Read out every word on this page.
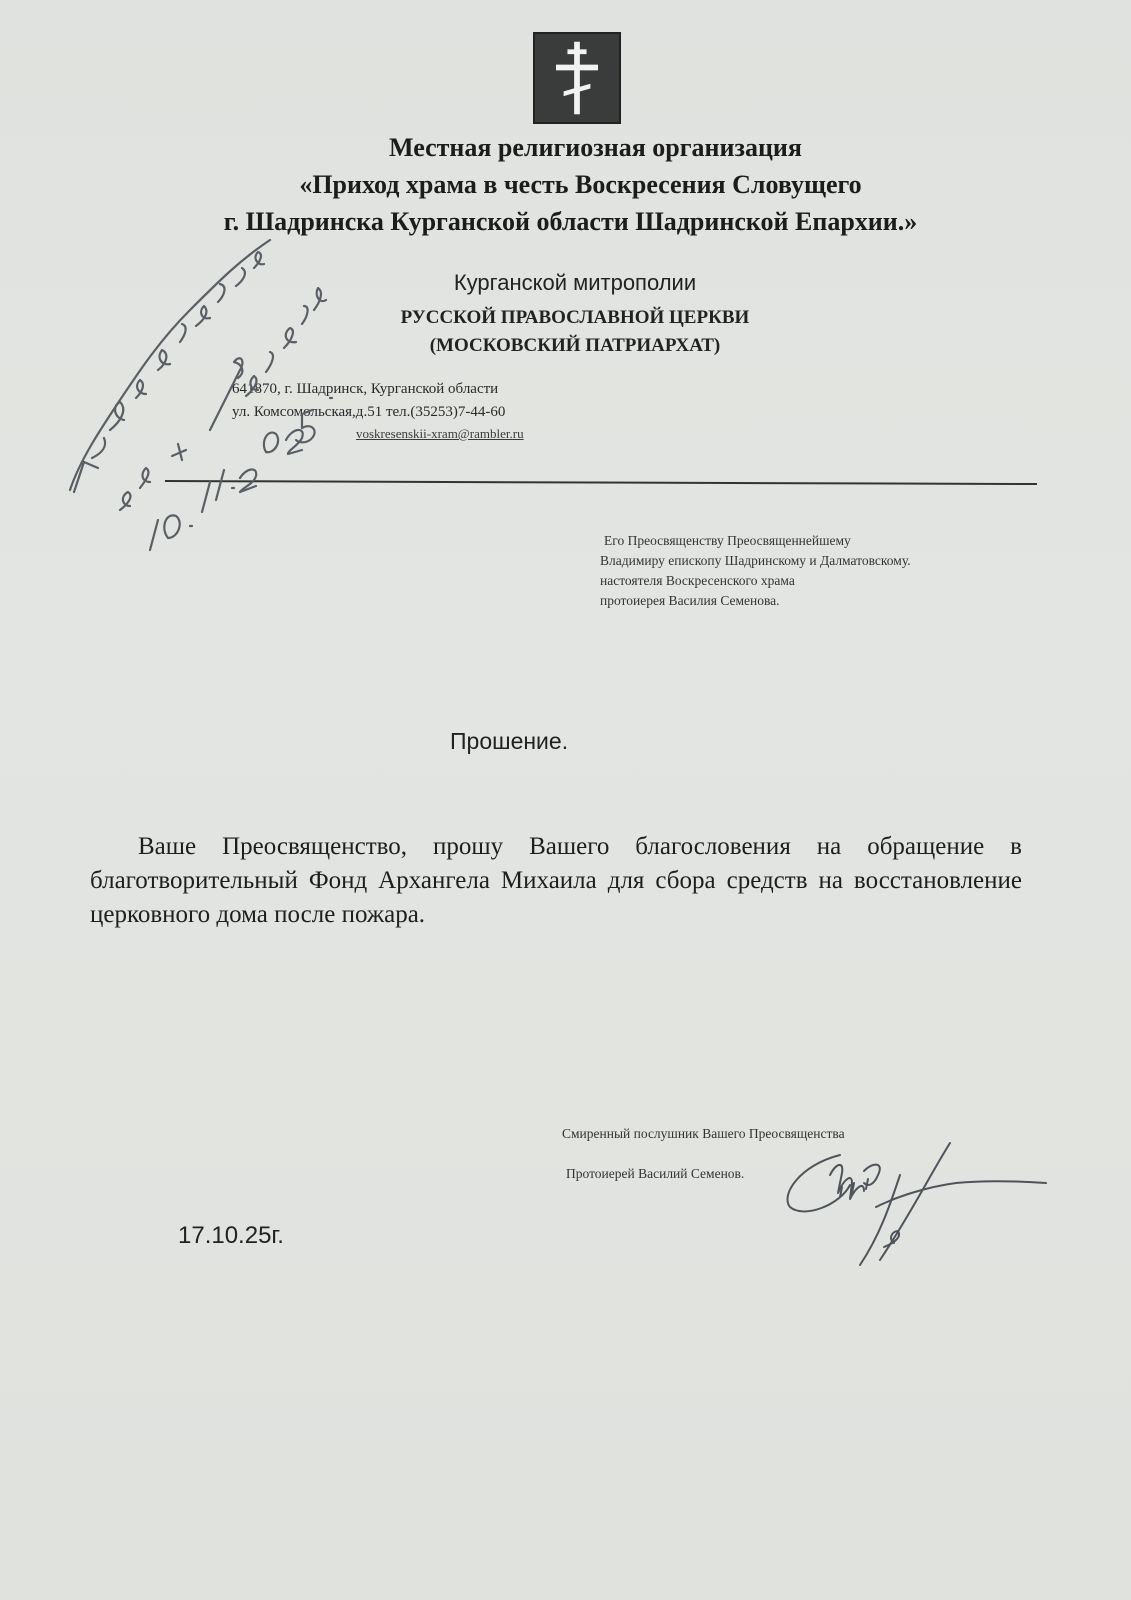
Местная религиозная организация
«Приход храма в честь Воскресения Словущего
г. Шадринска Курганской области Шадринской Епархии.»
Курганской митрополии
РУССКОЙ ПРАВОСЛАВНОЙ ЦЕРКВИ
(МОСКОВСКИЙ ПАТРИАРХАТ)
641870, г. Шадринск, Курганской области
ул. Комсомольская,д.51 тел.(35253)7-44-60
voskresenskii-xram@rambler.ru
Его Преосвященству Преосвященнейшему
Владимиру епископу Шадринскому и Далматовскому.
настоятеля Воскресенского храма
протоиерея Василия Семенова.
Прошение.
Ваше Преосвященство, прошу Вашего благословения на обращение в благотворительный Фонд Архангела Михаила для сбора средств на восстановление церковного дома после пожара.
Смиренный послушник Вашего Преосвященства
Протоиерей Василий Семенов.
17.10.25г.
